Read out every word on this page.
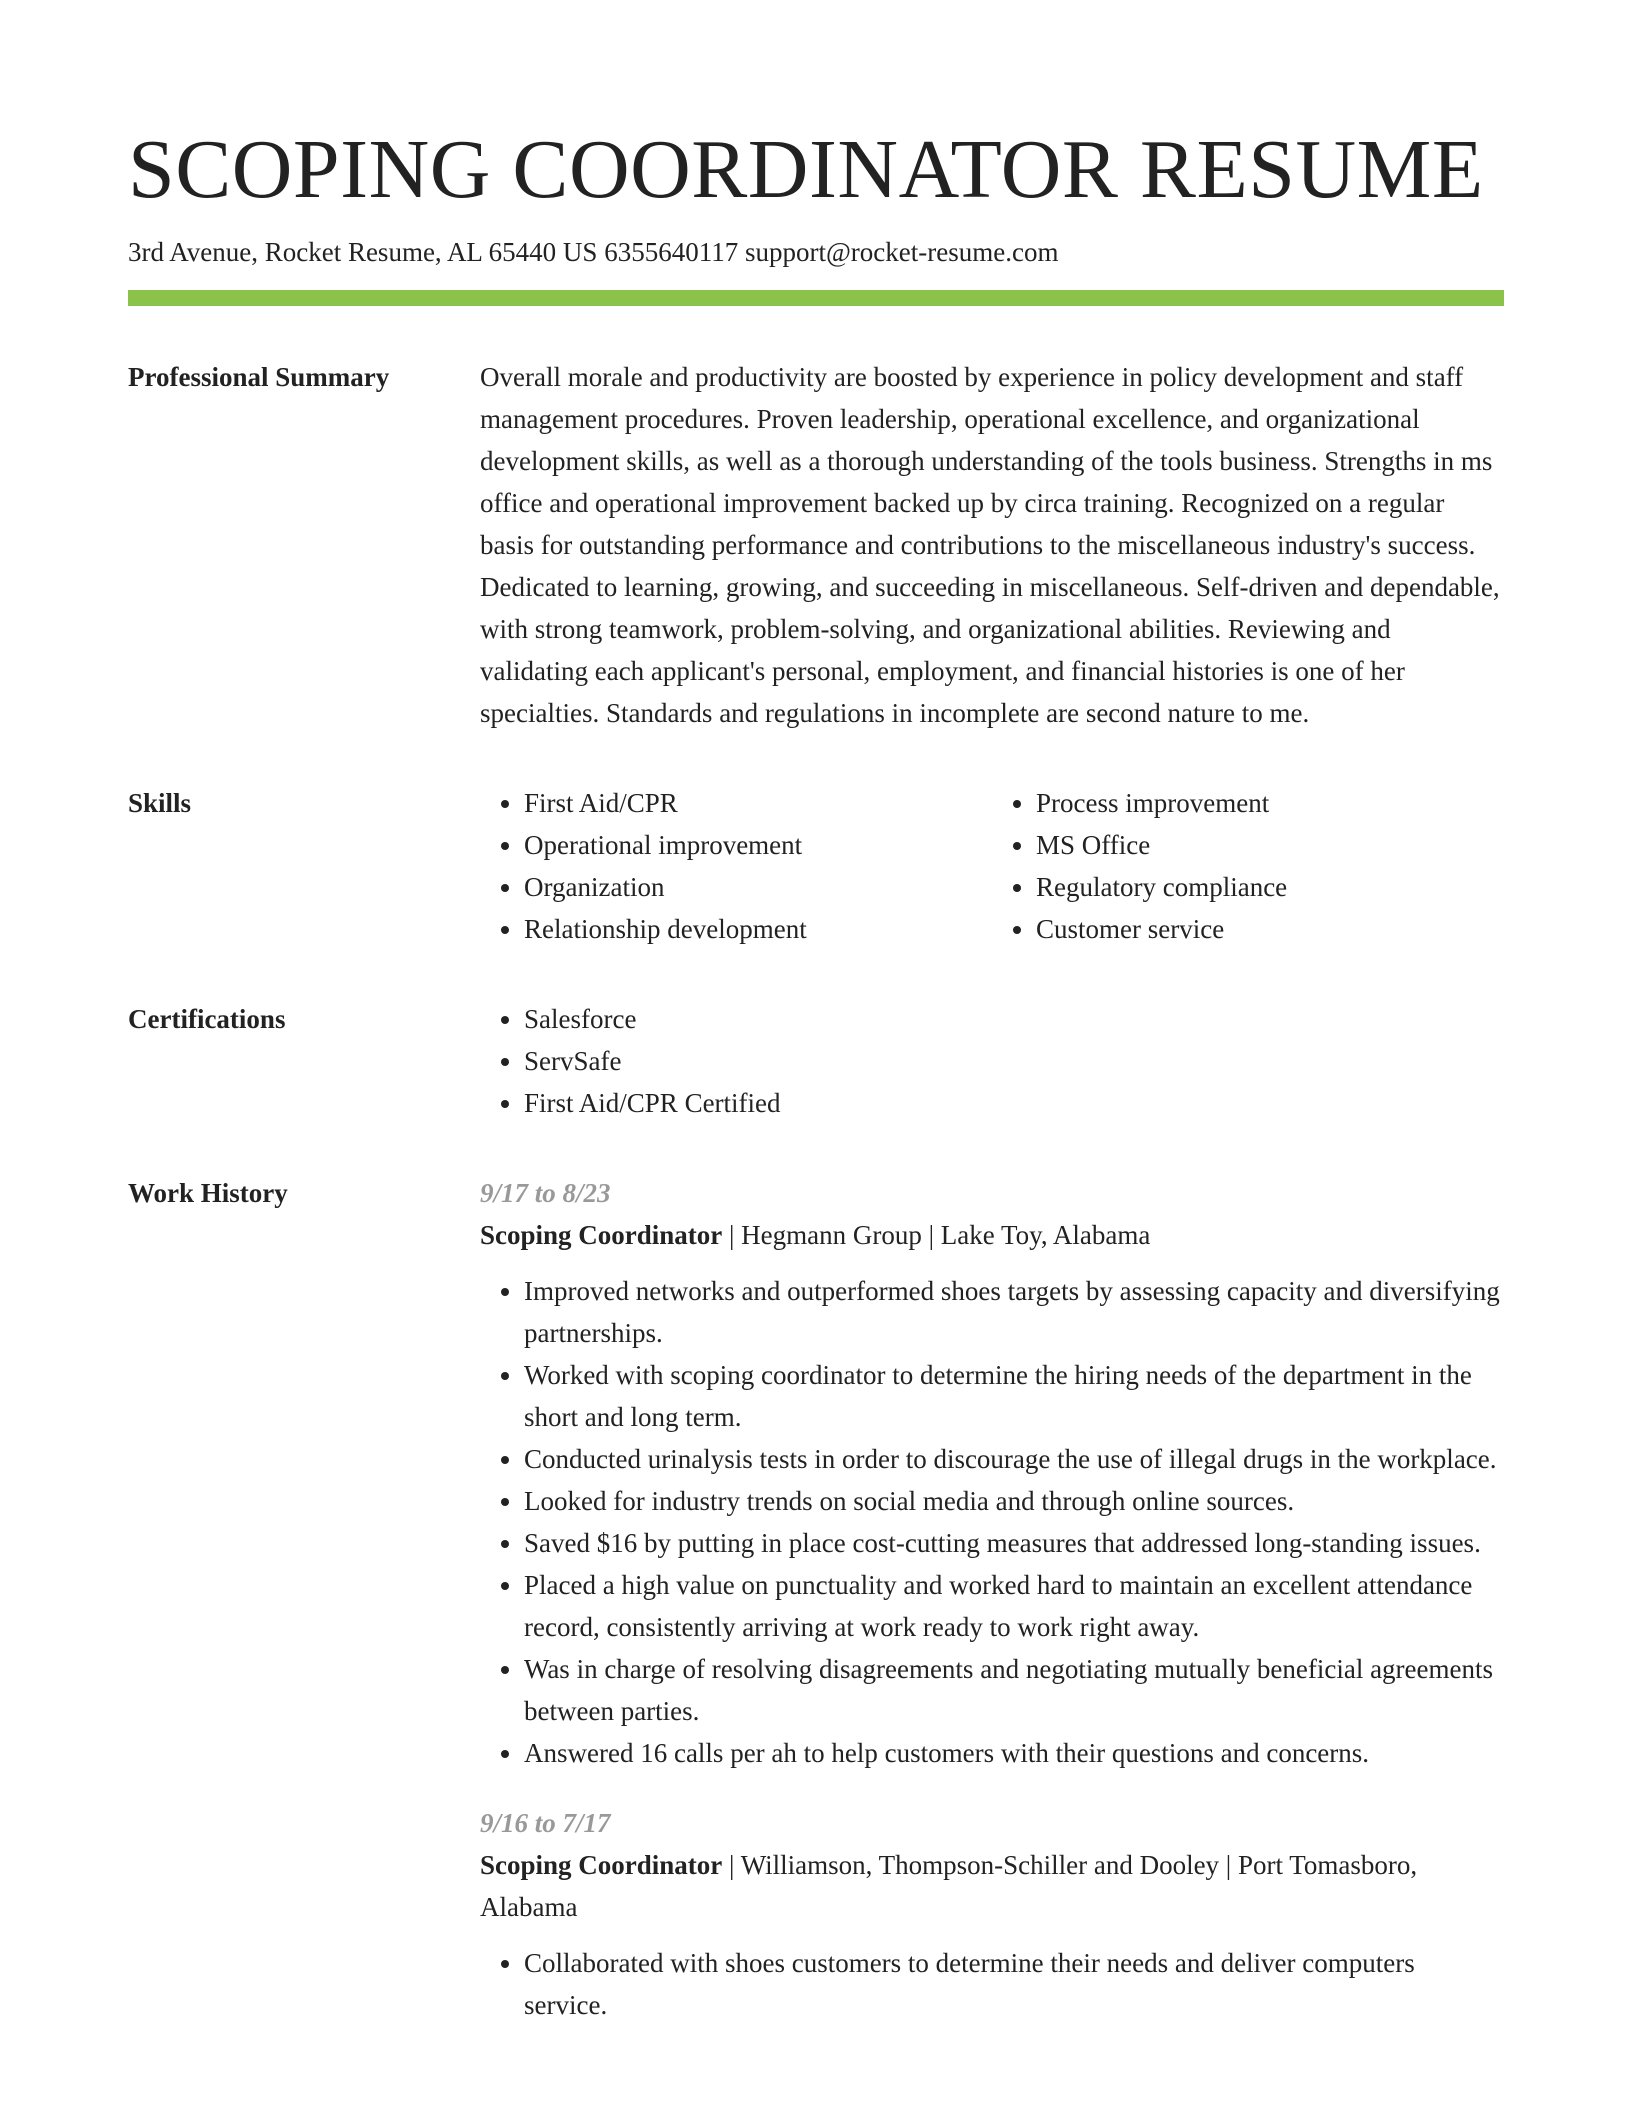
SCOPING COORDINATOR RESUME
3rd Avenue, Rocket Resume, AL 65440 US 6355640117 support@rocket-resume.com
Professional Summary	Overall morale and productivity are boosted by experience in policy development and staff management procedures. Proven leadership, operational excellence, and organizational development skills, as well as a thorough understanding of the tools business. Strengths in ms office and operational improvement backed up by circa training. Recognized on a regular basis for outstanding performance and contributions to the miscellaneous industry's success. Dedicated to learning, growing, and succeeding in miscellaneous. Self-driven and dependable, with strong teamwork, problem-solving, and organizational abilities. Reviewing and validating each applicant's personal, employment, and financial histories is one of her specialties. Standards and regulations in incomplete are second nature to me.

Skills	• First Aid/CPR
• Operational improvement
• Organization
• Relationship development
• Process improvement
• MS Office
• Regulatory compliance
• Customer service
Certifications	• Salesforce
• ServSafe
• First Aid/CPR Certified
Work History	9/17 to 8/23
Scoping Coordinator | Hegmann Group | Lake Toy, Alabama
• Improved networks and outperformed shoes targets by assessing capacity and diversifying partnerships.
• Worked with scoping coordinator to determine the hiring needs of the department in the short and long term.
• Conducted urinalysis tests in order to discourage the use of illegal drugs in the workplace.
• Looked for industry trends on social media and through online sources.
• Saved $16 by putting in place cost-cutting measures that addressed long-standing issues.
• Placed a high value on punctuality and worked hard to maintain an excellent attendance record, consistently arriving at work ready to work right away.
• Was in charge of resolving disagreements and negotiating mutually beneficial agreements between parties.
• Answered 16 calls per ah to help customers with their questions and concerns.
9/16 to 7/17
Scoping Coordinator | Williamson, Thompson-Schiller and Dooley | Port Tomasboro, Alabama
• Collaborated with shoes customers to determine their needs and deliver computers service.
